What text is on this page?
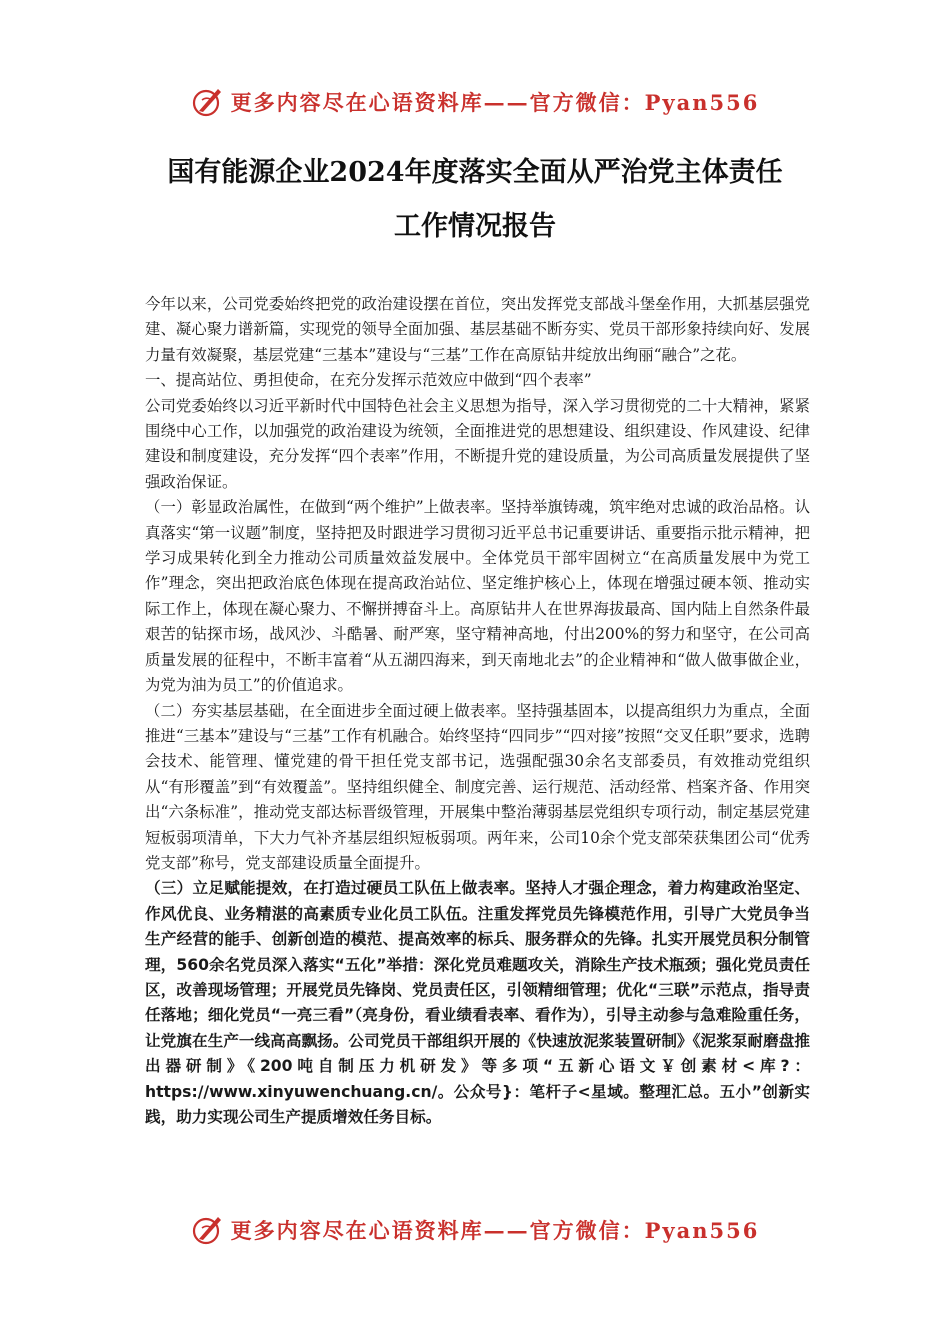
更多内容尽在心语资料库——官方微信：Pyan556
国有能源企业2024年度落实全面从严治党主体责任
工作情况报告

今年以来，公司党委始终把党的政治建设摆在首位，突出发挥党支部战斗堡垒作用，大抓基层强党建、凝心聚力谱新篇，实现党的领导全面加强、基层基础不断夯实、党员干部形象持续向好、发展力量有效凝聚，基层党建“三基本”建设与“三基”工作在高原钻井绽放出绚丽“融合”之花。

一、提高站位、勇担使命，在充分发挥示范效应中做到“四个表率”

公司党委始终以习近平新时代中国特色社会主义思想为指导，深入学习贯彻党的二十大精神，紧紧围绕中心工作，以加强党的政治建设为统领，全面推进党的思想建设、组织建设、作风建设、纪律建设和制度建设，充分发挥“四个表率”作用，不断提升党的建设质量，为公司高质量发展提供了坚强政治保证。

（一）彰显政治属性，在做到“两个维护”上做表率。坚持举旗铸魂，筑牢绝对忠诚的政治品格。认真落实“第一议题”制度，坚持把及时跟进学习贯彻习近平总书记重要讲话、重要指示批示精神，把学习成果转化到全力推动公司质量效益发展中。全体党员干部牢固树立“在高质量发展中为党工作”理念，突出把政治底色体现在提高政治站位、坚定维护核心上，体现在增强过硬本领、推动实际工作上，体现在凝心聚力、不懈拼搏奋斗上。高原钻井人在世界海拔最高、国内陆上自然条件最艰苦的钻探市场，战风沙、斗酷暑、耐严寒，坚守精神高地，付出200%的努力和坚守，在公司高质量发展的征程中，不断丰富着“从五湖四海来，到天南地北去”的企业精神和“做人做事做企业，为党为油为员工”的价值追求。

（二）夯实基层基础，在全面进步全面过硬上做表率。坚持强基固本，以提高组织力为重点，全面推进“三基本”建设与“三基”工作有机融合。始终坚持“四同步”“四对接”按照“交叉任职”要求，选聘会技术、能管理、懂党建的骨干担任党支部书记，选强配强30余名支部委员，有效推动党组织从“有形覆盖”到“有效覆盖”。坚持组织健全、制度完善、运行规范、活动经常、档案齐备、作用突出“六条标准”，推动党支部达标晋级管理，开展集中整治薄弱基层党组织专项行动，制定基层党建短板弱项清单，下大力气补齐基层组织短板弱项。两年来，公司10余个党支部荣获集团公司“优秀党支部”称号，党支部建设质量全面提升。

（三）立足赋能提效，在打造过硬员工队伍上做表率。坚持人才强企理念，着力构建政治坚定、作风优良、业务精湛的高素质专业化员工队伍。注重发挥党员先锋模范作用，引导广大党员争当生产经营的能手、创新创造的模范、提高效率的标兵、服务群众的先锋。扎实开展党员积分制管理，560余名党员深入落实“五化”举措：深化党员难题攻关，消除生产技术瓶颈；强化党员责任区，改善现场管理；开展党员先锋岗、党员责任区，引领精细管理；优化“三联”示范点，指导责任落地；细化党员“一亮三看”（亮身份，看业绩看表率、看作为），引导主动参与急难险重任务，让党旗在生产一线高高飘扬。公司党员干部组织开展的《快速放泥浆装置研制》《泥浆泵耐磨盘推出器研制》《200吨自制压力机研发》等多项“五新心语文￥创素材<库?：https://www.xinyuwenchuang.cn/。公众号}：笔杆子<星域。整理汇总。五小”创新实践，助力实现公司生产提质增效任务目标。

更多内容尽在心语资料库——官方微信：Pyan556
